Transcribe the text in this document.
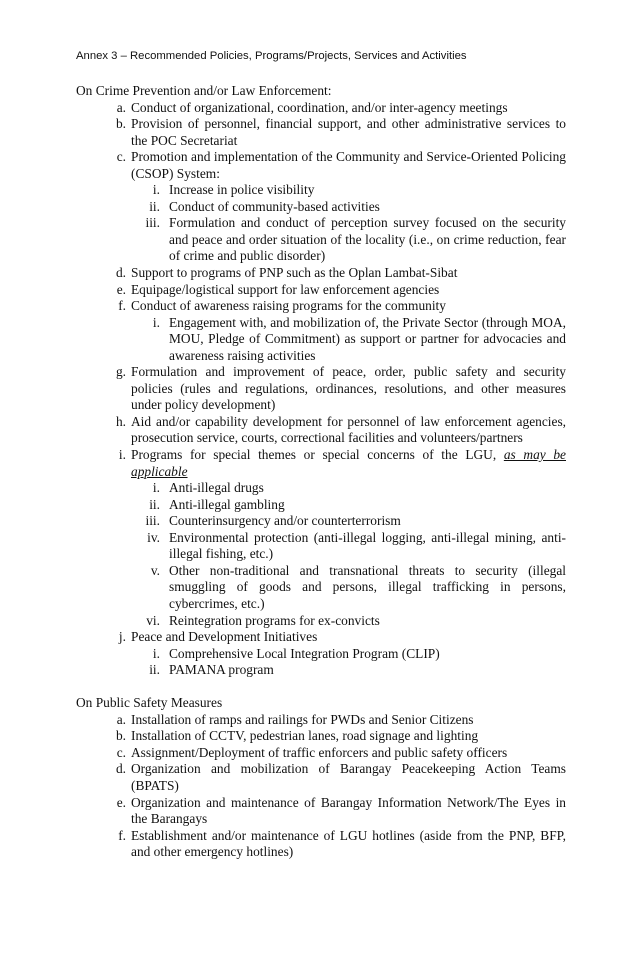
Annex 3 – Recommended Policies, Programs/Projects, Services and Activities
On Crime Prevention and/or Law Enforcement:
a. Conduct of organizational, coordination, and/or inter-agency meetings
b. Provision of personnel, financial support, and other administrative services to the POC Secretariat
c. Promotion and implementation of the Community and Service-Oriented Policing (CSOP) System:
i. Increase in police visibility
ii. Conduct of community-based activities
iii. Formulation and conduct of perception survey focused on the security and peace and order situation of the locality (i.e., on crime reduction, fear of crime and public disorder)
d. Support to programs of PNP such as the Oplan Lambat-Sibat
e. Equipage/logistical support for law enforcement agencies
f. Conduct of awareness raising programs for the community
i. Engagement with, and mobilization of, the Private Sector (through MOA, MOU, Pledge of Commitment) as support or partner for advocacies and awareness raising activities
g. Formulation and improvement of peace, order, public safety and security policies (rules and regulations, ordinances, resolutions, and other measures under policy development)
h. Aid and/or capability development for personnel of law enforcement agencies, prosecution service, courts, correctional facilities and volunteers/partners
i. Programs for special themes or special concerns of the LGU, as may be applicable
i. Anti-illegal drugs
ii. Anti-illegal gambling
iii. Counterinsurgency and/or counterterrorism
iv. Environmental protection (anti-illegal logging, anti-illegal mining, anti-illegal fishing, etc.)
v. Other non-traditional and transnational threats to security (illegal smuggling of goods and persons, illegal trafficking in persons, cybercrimes, etc.)
vi. Reintegration programs for ex-convicts
j. Peace and Development Initiatives
i. Comprehensive Local Integration Program (CLIP)
ii. PAMANA program
On Public Safety Measures
a. Installation of ramps and railings for PWDs and Senior Citizens
b. Installation of CCTV, pedestrian lanes, road signage and lighting
c. Assignment/Deployment of traffic enforcers and public safety officers
d. Organization and mobilization of Barangay Peacekeeping Action Teams (BPATS)
e. Organization and maintenance of Barangay Information Network/The Eyes in the Barangays
f. Establishment and/or maintenance of LGU hotlines (aside from the PNP, BFP, and other emergency hotlines)
